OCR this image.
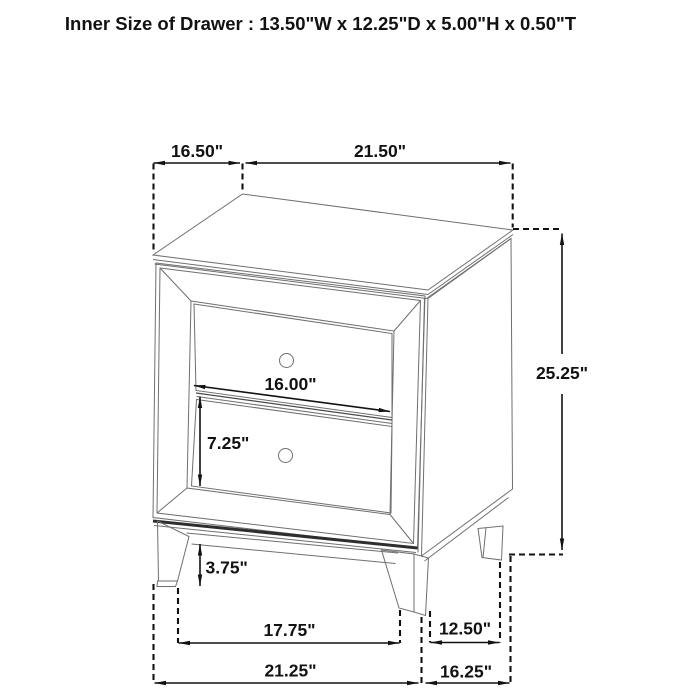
16.50"	21.50"
25.25"
16.00"
7.25"
3.75"
17.75"	12.50"
21.25"	16.25"
Inner Size of Drawer : 13.50"W x 12.25"D x 5.00"H x 0.50"T
